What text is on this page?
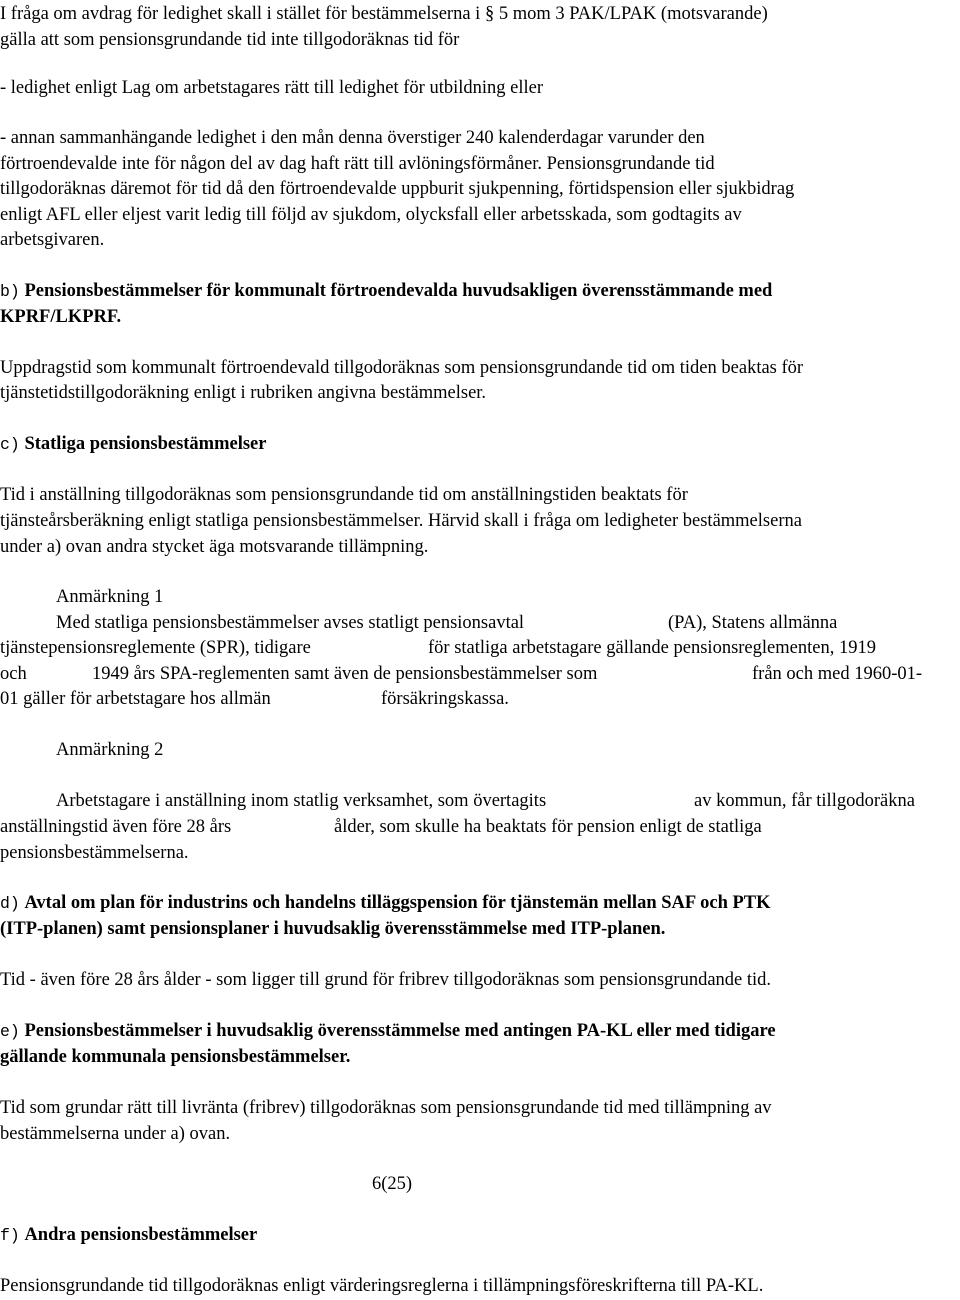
I fråga om avdrag för ledighet skall i stället för bestämmelserna i § 5 mom 3 PAK/LPAK (motsvarande)
gälla att som pensionsgrundande tid inte tillgodoräknas tid för
- ledighet enligt Lag om arbetstagares rätt till ledighet för utbildning eller
- annan sammanhängande ledighet i den mån denna överstiger 240 kalenderdagar varunder den
förtroendevalde inte för någon del av dag haft rätt till avlöningsförmåner. Pensionsgrundande tid
tillgodoräknas däremot för tid då den förtroendevalde uppburit sjukpenning, förtidspension eller sjukbidrag
enligt AFL eller eljest varit ledig till följd av sjukdom, olycksfall eller arbetsskada, som godtagits av
arbetsgivaren.
b) Pensionsbestämmelser för kommunalt förtroendevalda huvudsakligen överensstämmande med
KPRF/LKPRF.
Uppdragstid som kommunalt förtroendevald tillgodoräknas som pensionsgrundande tid om tiden beaktas för
tjänstetidstillgodoräkning enligt i rubriken angivna bestämmelser.
c) Statliga pensionsbestämmelser
Tid i anställning tillgodoräknas som pensionsgrundande tid om anställningstiden beaktats för
tjänsteårsberäkning enligt statliga pensionsbestämmelser. Härvid skall i fråga om ledigheter bestämmelserna
under a) ovan andra stycket äga motsvarande tillämpning.
Anmärkning 1
Med statliga pensionsbestämmelser avses statligt pensionsavtal	(PA), Statens allmänna
tjänstepensionsreglemente (SPR), tidigare	för statliga arbetstagare gällande pensionsreglementen, 1919
och	1949 års SPA-reglementen samt även de pensionsbestämmelser som	från och med 1960-01-
01 gäller för arbetstagare hos allmän	försäkringskassa.
Anmärkning 2
Arbetstagare i anställning inom statlig verksamhet, som övertagits	av kommun, får tillgodoräkna
anställningstid även före 28 års	ålder, som skulle ha beaktats för pension enligt de statliga
pensionsbestämmelserna.
d) Avtal om plan för industrins och handelns tilläggspension för tjänstemän mellan SAF och PTK
(ITP-planen) samt pensionsplaner i huvudsaklig överensstämmelse med ITP-planen.
Tid - även före 28 års ålder - som ligger till grund för fribrev tillgodoräknas som pensionsgrundande tid.
e) Pensionsbestämmelser i huvudsaklig överensstämmelse med antingen PA-KL eller med tidigare
gällande kommunala pensionsbestämmelser.
Tid som grundar rätt till livränta (fribrev) tillgodoräknas som pensionsgrundande tid med tillämpning av
bestämmelserna under a) ovan.
6(25)
f) Andra pensionsbestämmelser
Pensionsgrundande tid tillgodoräknas enligt värderingsreglerna i tillämpningsföreskrifterna till PA-KL.
